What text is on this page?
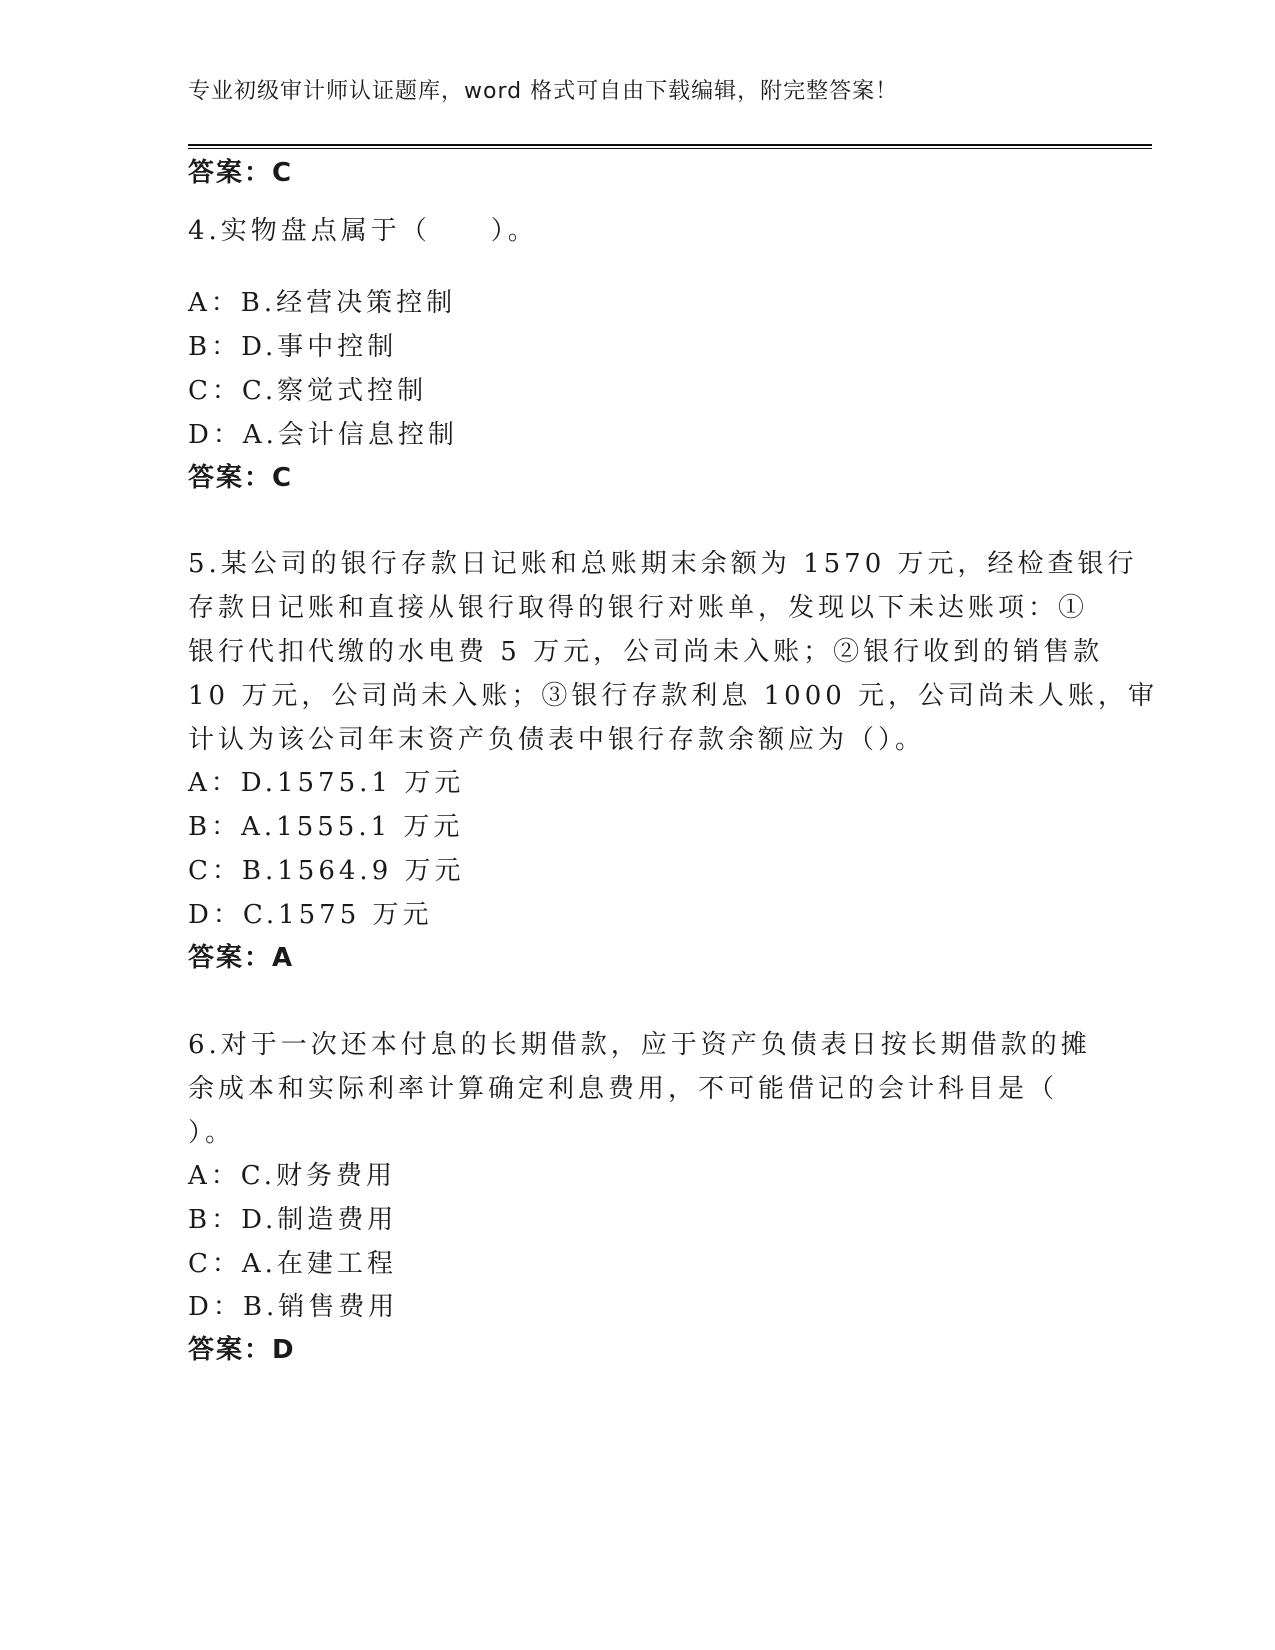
专业初级审计师认证题库，word 格式可自由下载编辑，附完整答案！
答案：C
4.实物盘点属于（　　）。
A：B.经营决策控制
B：D.事中控制
C：C.察觉式控制
D：A.会计信息控制
答案：C
5.某公司的银行存款日记账和总账期末余额为 1570 万元，经检查银行
存款日记账和直接从银行取得的银行对账单，发现以下未达账项：①
银行代扣代缴的水电费 5 万元，公司尚未入账；②银行收到的销售款
10 万元，公司尚未入账；③银行存款利息 1000 元，公司尚未人账，审
计认为该公司年末资产负债表中银行存款余额应为（）。
A：D.1575.1 万元
B：A.1555.1 万元
C：B.1564.9 万元
D：C.1575 万元
答案：A
6.对于一次还本付息的长期借款，应于资产负债表日按长期借款的摊
余成本和实际利率计算确定利息费用，不可能借记的会计科目是（
）。
A：C.财务费用
B：D.制造费用
C：A.在建工程
D：B.销售费用
答案：D
